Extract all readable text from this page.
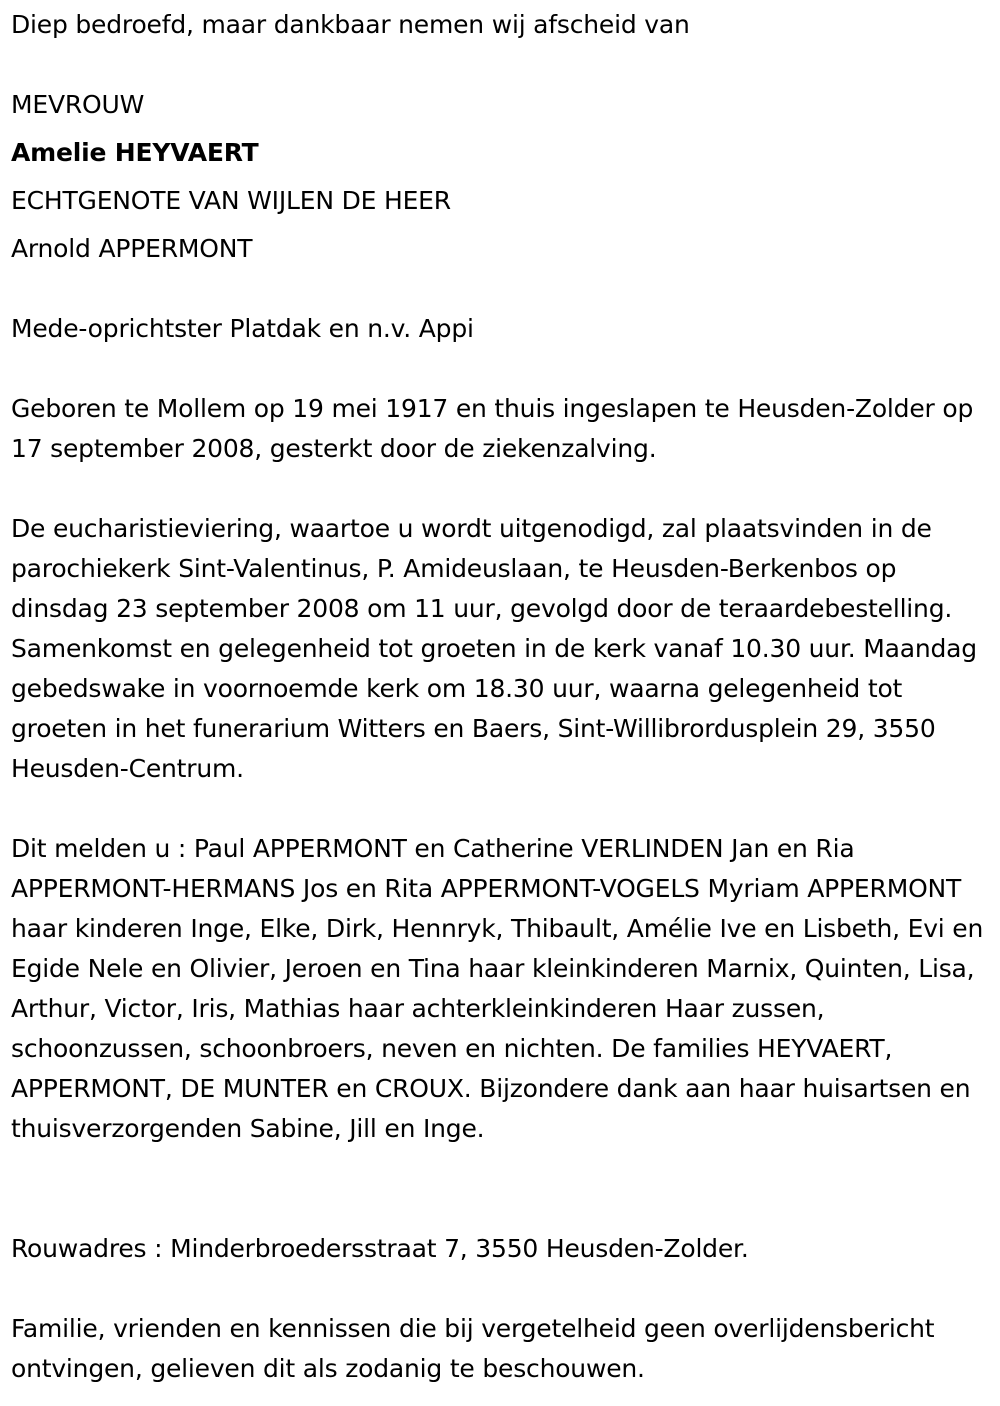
Diep bedroefd, maar dankbaar nemen wij afscheid van
MEVROUW
Amelie HEYVAERT
ECHTGENOTE VAN WIJLEN DE HEER
Arnold APPERMONT
Mede-oprichtster Platdak en n.v. Appi
Geboren te Mollem op 19 mei 1917 en thuis ingeslapen te Heusden-Zolder op 17 september 2008, gesterkt door de ziekenzalving.
De eucharistieviering, waartoe u wordt uitgenodigd, zal plaatsvinden in de parochiekerk Sint-Valentinus, P. Amideuslaan, te Heusden-Berkenbos op dinsdag 23 september 2008 om 11 uur, gevolgd door de teraardebestelling. Samenkomst en gelegenheid tot groeten in de kerk vanaf 10.30 uur. Maandag gebedswake in voornoemde kerk om 18.30 uur, waarna gelegenheid tot groeten in het funerarium Witters en Baers, Sint-Willibrordusplein 29, 3550 Heusden-Centrum.
Dit melden u : Paul APPERMONT en Catherine VERLINDEN Jan en Ria APPERMONT-HERMANS Jos en Rita APPERMONT-VOGELS Myriam APPERMONT haar kinderen Inge, Elke, Dirk, Hennryk, Thibault, Amélie Ive en Lisbeth, Evi en Egide Nele en Olivier, Jeroen en Tina haar kleinkinderen Marnix, Quinten, Lisa, Arthur, Victor, Iris, Mathias haar achterkleinkinderen Haar zussen, schoonzussen, schoonbroers, neven en nichten. De families HEYVAERT, APPERMONT, DE MUNTER en CROUX. Bijzondere dank aan haar huisartsen en thuisverzorgenden Sabine, Jill en Inge.
Rouwadres : Minderbroedersstraat 7, 3550 Heusden-Zolder.
Familie, vrienden en kennissen die bij vergetelheid geen overlijdensbericht ontvingen, gelieven dit als zodanig te beschouwen.
